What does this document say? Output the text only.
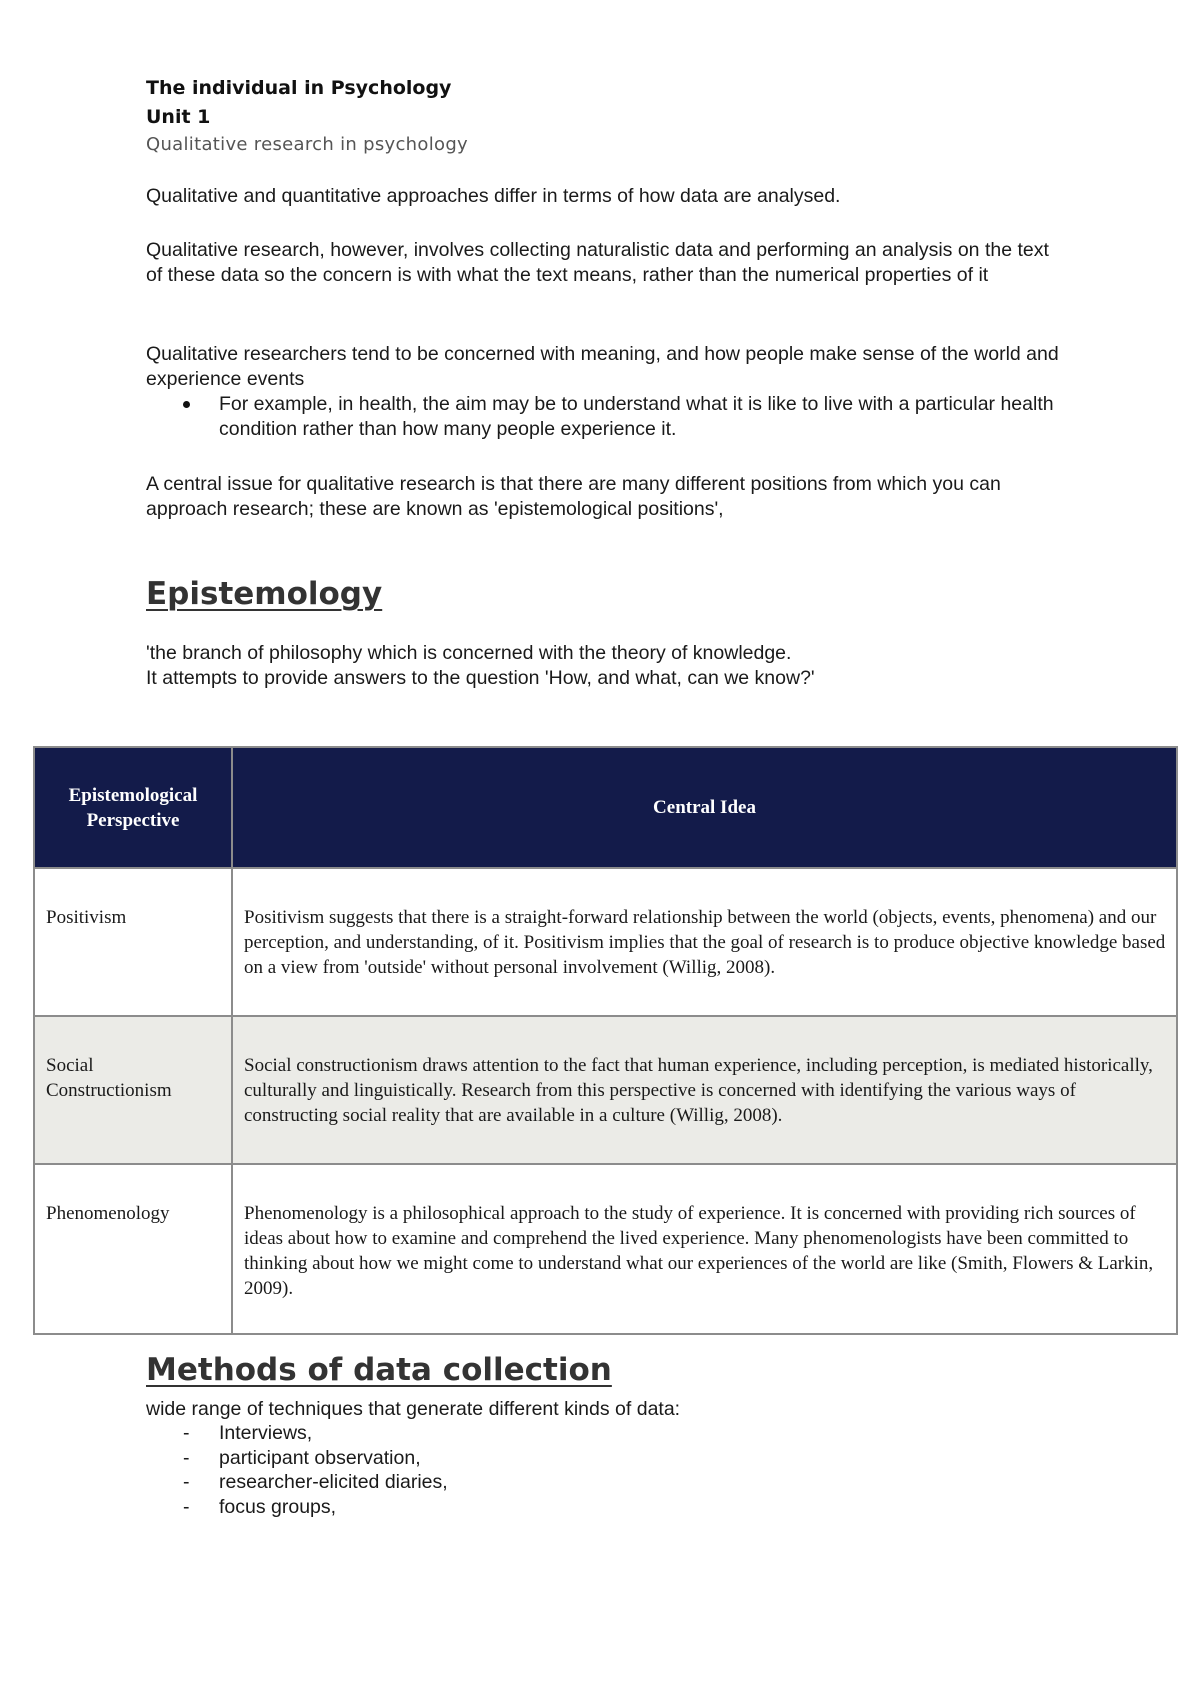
The individual in Psychology

Unit 1

Qualitative research in psychology

Qualitative and quantitative approaches differ in terms of how data are analysed.

Qualitative research, however, involves collecting naturalistic data and performing an analysis on the text of these data so the concern is with what the text means, rather than the numerical properties of it

Qualitative researchers tend to be concerned with meaning, and how people make sense of the world and experience events

For example, in health, the aim may be to understand what it is like to live with a particular health condition rather than how many people experience it.

A central issue for qualitative research is that there are many different positions from which you can approach research; these are known as 'epistemological positions',

Epistemology

'the branch of philosophy which is concerned with the theory of knowledge.

It attempts to provide answers to the question 'How, and what, can we know?'

Epistemological Perspective	Central Idea
Positivism	Positivism suggests that there is a straight-forward relationship between the world (objects, events, phenomena) and our perception, and understanding, of it. Positivism implies that the goal of research is to produce objective knowledge based on a view from 'outside' without personal involvement (Willig, 2008).
Social Constructionism	Social constructionism draws attention to the fact that human experience, including perception, is mediated historically, culturally and linguistically. Research from this perspective is concerned with identifying the various ways of constructing social reality that are available in a culture (Willig, 2008).
Phenomenology	Phenomenology is a philosophical approach to the study of experience. It is concerned with providing rich sources of ideas about how to examine and comprehend the lived experience. Many phenomenologists have been committed to thinking about how we might come to understand what our experiences of the world are like (Smith, Flowers & Larkin, 2009).
Methods of data collection

wide range of techniques that generate different kinds of data:

- Interviews,
- participant observation,
- researcher-elicited diaries,
- focus groups,
